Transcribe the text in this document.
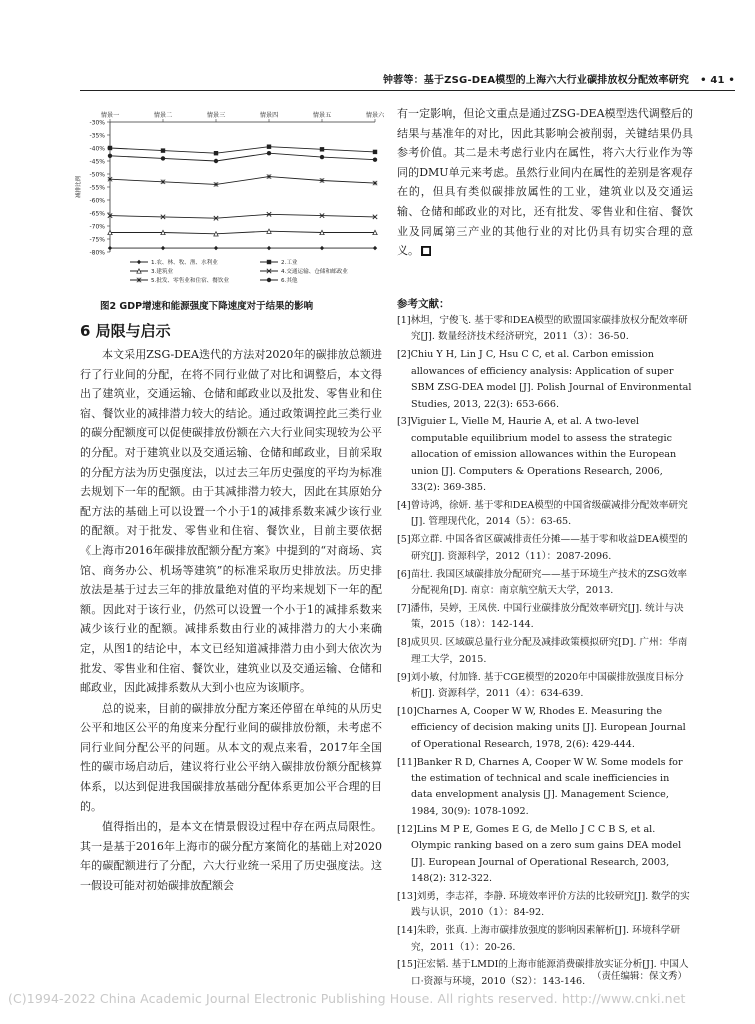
钟蓉等：基于ZSG-DEA模型的上海六大行业碳排放权分配效率研究 • 41 •
-30%
-35%
-40%
-45%
-50%
-55%
-60%
-65%
-70%
-75%
-80%
情景一	情景二	情景三	情景四	情景五	情景六
减排比例
1.农、林、牧、渔、水利业	2.工业
3.建筑业	4.交通运输、仓储和邮政业
5.批发、零售业和住宿、餐饮业	6.其他
图2 GDP增速和能源强度下降速度对于结果的影响
6 局限与启示

本文采用ZSG-DEA迭代的方法对2020年的碳排放总额进行了行业间的分配，在将不同行业做了对比和调整后，本文得出了建筑业，交通运输、仓储和邮政业以及批发、零售业和住宿、餐饮业的减排潜力较大的结论。通过政策调控此三类行业的碳分配额度可以促使碳排放份额在六大行业间实现较为公平的分配。对于建筑业以及交通运输、仓储和邮政业，目前采取的分配方法为历史强度法，以过去三年历史强度的平均为标准去规划下一年的配额。由于其减排潜力较大，因此在其原始分配方法的基础上可以设置一个小于1的减排系数来减少该行业的配额。对于批发、零售业和住宿、餐饮业，目前主要依据《上海市2016年碳排放配额分配方案》中提到的“对商场、宾馆、商务办公、机场等建筑”的标准采取历史排放法。历史排放法是基于过去三年的排放量绝对值的平均来规划下一年的配额。因此对于该行业，仍然可以设置一个小于1的减排系数来减少该行业的配额。减排系数由行业的减排潜力的大小来确定，从图1的结论中，本文已经知道减排潜力由小到大依次为批发、零售业和住宿、餐饮业，建筑业以及交通运输、仓储和邮政业，因此减排系数从大到小也应为该顺序。

总的说来，目前的碳排放分配方案还停留在单纯的从历史公平和地区公平的角度来分配行业间的碳排放份额，未考虑不同行业间分配公平的问题。从本文的观点来看，2017年全国性的碳市场启动后，建议将行业公平纳入碳排放份额分配核算体系，以达到促进我国碳排放基础分配体系更加公平合理的目的。

值得指出的，是本文在情景假设过程中存在两点局限性。其一是基于2016年上海市的碳分配方案简化的基础上对2020年的碳配额进行了分配，六大行业统一采用了历史强度法。这一假设可能对初始碳排放配额会

有一定影响，但论文重点是通过ZSG-DEA模型迭代调整后的结果与基准年的对比，因此其影响会被削弱，关键结果仍具参考价值。其二是未考虑行业内在属性，将六大行业作为等同的DMU单元来考虑。虽然行业间内在属性的差别是客观存在的，但具有类似碳排放属性的工业，建筑业以及交通运输、仓储和邮政业的对比，还有批发、零售业和住宿、餐饮业及同属第三产业的其他行业的对比仍具有切实合理的意义。 ■

参考文献：
[1]林坦，宁俊飞. 基于零和DEA模型的欧盟国家碳排放权分配效率研究[J]. 数量经济技术经济研究，2011（3）：36-50.
[2]Chiu Y H, Lin J C, Hsu C C, et al. Carbon emission allowances of efficiency analysis: Application of super SBM ZSG-DEA model [J]. Polish Journal of Environmental Studies, 2013, 22(3): 653-666.
[3]Viguier L, Vielle M, Haurie A, et al. A two-level computable equilibrium model to assess the strategic allocation of emission allowances within the European union [J]. Computers & Operations Research, 2006, 33(2): 369-385.
[4]曾诗鸿，徐妍. 基于零和DEA模型的中国省级碳减排分配效率研究[J]. 管理现代化，2014（5）：63-65.
[5]郑立群. 中国各省区碳减排责任分摊——基于零和收益DEA模型的研究[J]. 资源科学，2012（11）：2087-2096.
[6]苗壮. 我国区域碳排放分配研究——基于环境生产技术的ZSG效率分配视角[D]. 南京：南京航空航天大学，2013.
[7]潘伟，吴婷，王凤侠. 中国行业碳排放分配效率研究[J]. 统计与决策，2015（18）：142-144.
[8]成贝贝. 区域碳总量行业分配及减排政策模拟研究[D]. 广州：华南理工大学，2015.
[9]刘小敏，付加锋. 基于CGE模型的2020年中国碳排放强度目标分析[J]. 资源科学，2011（4）：634-639.
[10]Charnes A, Cooper W W, Rhodes E. Measuring the efficiency of decision making units [J]. European Journal of Operational Research, 1978, 2(6): 429-444.
[11]Banker R D, Charnes A, Cooper W W. Some models for the estimation of technical and scale inefficiencies in data envelopment analysis [J]. Management Science, 1984, 30(9): 1078-1092.
[12]Lins M P E, Gomes E G, de Mello J C C B S, et al. Olympic ranking based on a zero sum gains DEA model [J]. European Journal of Operational Research, 2003, 148(2): 312-322.
[13]刘勇，李志祥，李静. 环境效率评价方法的比较研究[J]. 数学的实践与认识，2010（1）：84-92.
[14]朱聆，张真. 上海市碳排放强度的影响因素解析[J]. 环境科学研究，2011（1）：20-26.
[15]汪宏韬. 基于LMDI的上海市能源消费碳排放实证分析[J]. 中国人口·资源与环境，2010（S2）：143-146. （责任编辑：保文秀）
(C)1994-2022 China Academic Journal Electronic Publishing House. All rights reserved. http://www.cnki.net
